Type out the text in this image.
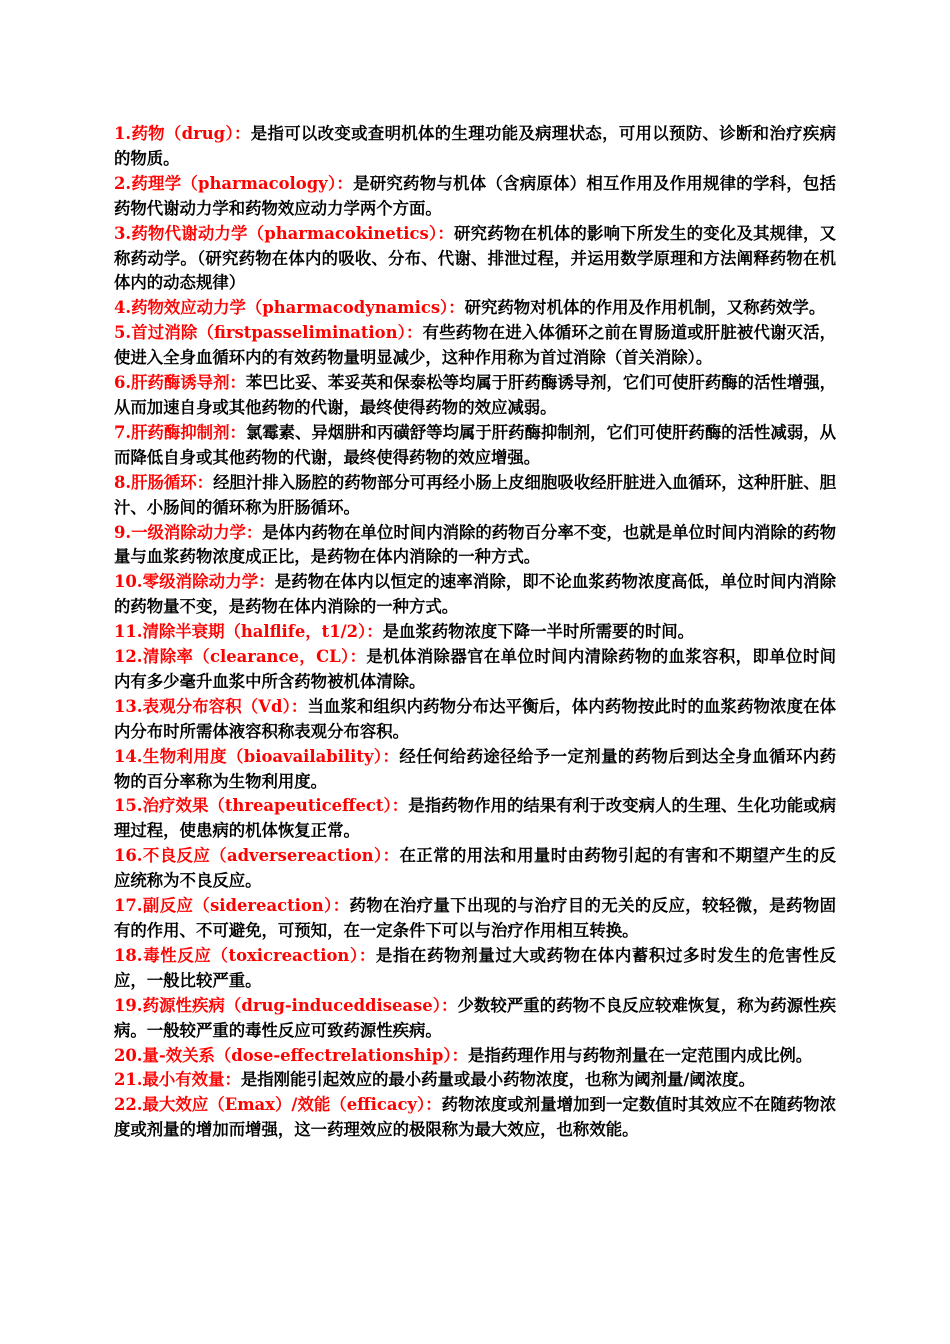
1.药物（drug）：是指可以改变或查明机体的生理功能及病理状态，可用以预防、诊断和治疗疾病的物质。

2.药理学（pharmacology）：是研究药物与机体（含病原体）相互作用及作用规律的学科，包括药物代谢动力学和药物效应动力学两个方面。

3.药物代谢动力学（pharmacokinetics）：研究药物在机体的影响下所发生的变化及其规律，又称药动学。（研究药物在体内的吸收、分布、代谢、排泄过程，并运用数学原理和方法阐释药物在机体内的动态规律）

4.药物效应动力学（pharmacodynamics）：研究药物对机体的作用及作用机制，又称药效学。

5.首过消除（firstpasselimination）：有些药物在进入体循环之前在胃肠道或肝脏被代谢灭活，使进入全身血循环内的有效药物量明显减少，这种作用称为首过消除（首关消除）。

6.肝药酶诱导剂：苯巴比妥、苯妥英和保泰松等均属于肝药酶诱导剂，它们可使肝药酶的活性增强，从而加速自身或其他药物的代谢，最终使得药物的效应减弱。

7.肝药酶抑制剂：氯霉素、异烟肼和丙磺舒等均属于肝药酶抑制剂，它们可使肝药酶的活性减弱，从而降低自身或其他药物的代谢，最终使得药物的效应增强。

8.肝肠循环：经胆汁排入肠腔的药物部分可再经小肠上皮细胞吸收经肝脏进入血循环，这种肝脏、胆汁、小肠间的循环称为肝肠循环。

9.一级消除动力学：是体内药物在单位时间内消除的药物百分率不变，也就是单位时间内消除的药物量与血浆药物浓度成正比，是药物在体内消除的一种方式。

10.零级消除动力学：是药物在体内以恒定的速率消除，即不论血浆药物浓度高低，单位时间内消除的药物量不变，是药物在体内消除的一种方式。

11.清除半衰期（halflife，t1/2）：是血浆药物浓度下降一半时所需要的时间。

12.清除率（clearance，CL）：是机体消除器官在单位时间内清除药物的血浆容积，即单位时间内有多少毫升血浆中所含药物被机体清除。

13.表观分布容积（Vd）：当血浆和组织内药物分布达平衡后，体内药物按此时的血浆药物浓度在体内分布时所需体液容积称表观分布容积。

14.生物利用度（bioavailability）：经任何给药途径给予一定剂量的药物后到达全身血循环内药物的百分率称为生物利用度。

15.治疗效果（threapeuticeffect）：是指药物作用的结果有利于改变病人的生理、生化功能或病理过程，使患病的机体恢复正常。

16.不良反应（adversereaction）：在正常的用法和用量时由药物引起的有害和不期望产生的反应统称为不良反应。

17.副反应（sidereaction）：药物在治疗量下出现的与治疗目的无关的反应，较轻微，是药物固有的作用、不可避免，可预知，在一定条件下可以与治疗作用相互转换。

18.毒性反应（toxicreaction）：是指在药物剂量过大或药物在体内蓄积过多时发生的危害性反应，一般比较严重。

19.药源性疾病（drug-induceddisease）：少数较严重的药物不良反应较难恢复，称为药源性疾病。一般较严重的毒性反应可致药源性疾病。

20.量-效关系（dose-effectrelationship）：是指药理作用与药物剂量在一定范围内成比例。

21.最小有效量：是指刚能引起效应的最小药量或最小药物浓度，也称为阈剂量/阈浓度。

22.最大效应（Emax）/效能（efficacy）：药物浓度或剂量增加到一定数值时其效应不在随药物浓度或剂量的增加而增强，这一药理效应的极限称为最大效应，也称效能。
